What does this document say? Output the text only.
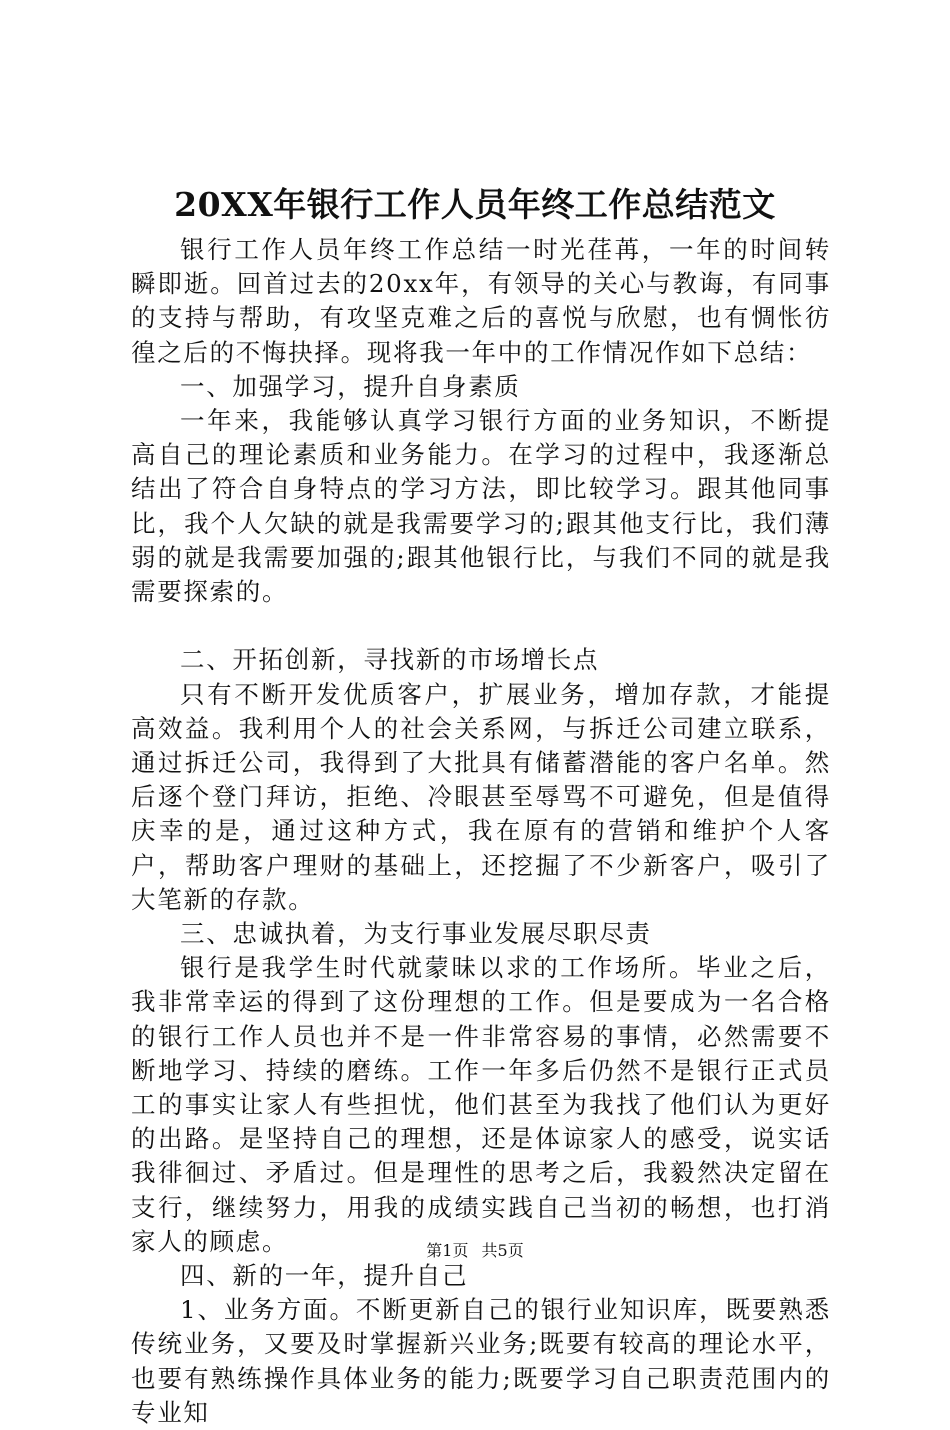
20XX年银行工作人员年终工作总结范文

银行工作人员年终工作总结一时光荏苒，一年的时间转瞬即逝。回首过去的20xx年，有领导的关心与教诲，有同事的支持与帮助，有攻坚克难之后的喜悦与欣慰，也有惆怅彷徨之后的不悔抉择。现将我一年中的工作情况作如下总结：

一、加强学习，提升自身素质

一年来，我能够认真学习银行方面的业务知识，不断提高自己的理论素质和业务能力。在学习的过程中，我逐渐总结出了符合自身特点的学习方法，即比较学习。跟其他同事比，我个人欠缺的就是我需要学习的;跟其他支行比，我们薄弱的就是我需要加强的;跟其他银行比，与我们不同的就是我需要探索的。

二、开拓创新，寻找新的市场增长点

只有不断开发优质客户，扩展业务，增加存款，才能提高效益。我利用个人的社会关系网，与拆迁公司建立联系，通过拆迁公司，我得到了大批具有储蓄潜能的客户名单。然后逐个登门拜访，拒绝、冷眼甚至辱骂不可避免，但是值得庆幸的是，通过这种方式，我在原有的营销和维护个人客户，帮助客户理财的基础上，还挖掘了不少新客户，吸引了大笔新的存款。

三、忠诚执着，为支行事业发展尽职尽责

银行是我学生时代就蒙昧以求的工作场所。毕业之后，我非常幸运的得到了这份理想的工作。但是要成为一名合格的银行工作人员也并不是一件非常容易的事情，必然需要不断地学习、持续的磨练。工作一年多后仍然不是银行正式员工的事实让家人有些担忧，他们甚至为我找了他们认为更好的出路。是坚持自己的理想，还是体谅家人的感受，说实话我徘徊过、矛盾过。但是理性的思考之后，我毅然决定留在支行，继续努力，用我的成绩实践自己当初的畅想，也打消家人的顾虑。

四、新的一年，提升自己

1、业务方面。不断更新自己的银行业知识库，既要熟悉传统业务，又要及时掌握新兴业务;既要有较高的理论水平，也要有熟练操作具体业务的能力;既要学习自己职责范围内的专业知

第1页 共5页
